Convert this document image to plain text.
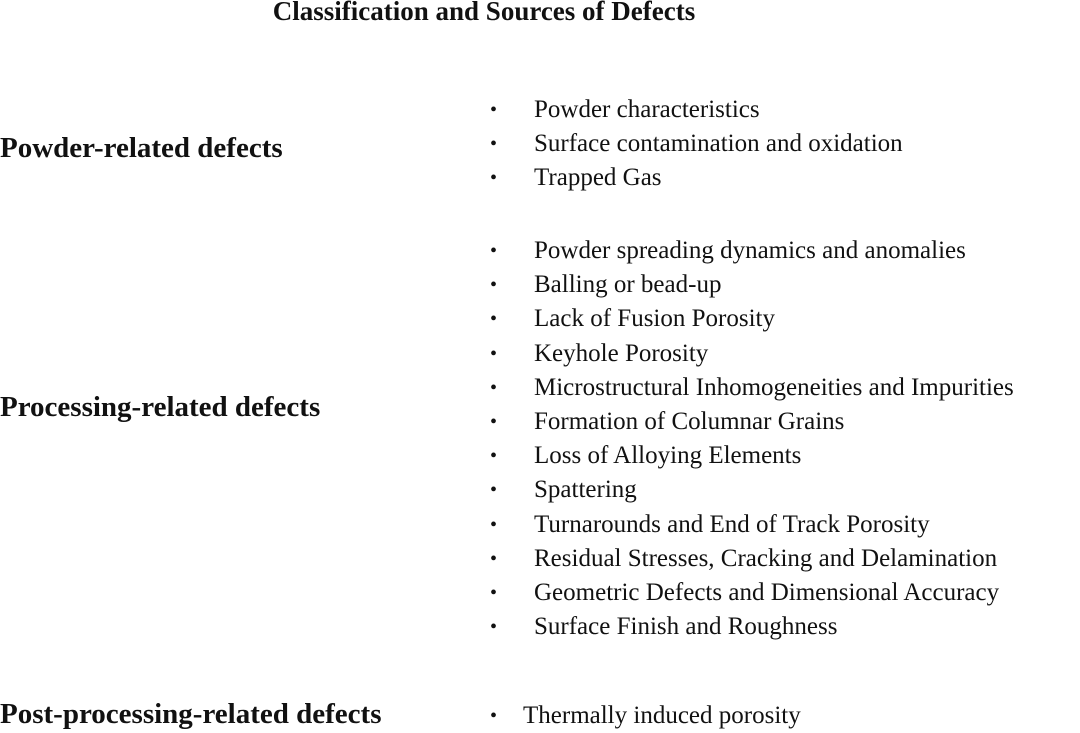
Classification and Sources of Defects
Powder-related defects
• Powder characteristics
• Surface contamination and oxidation
• Trapped Gas
Processing-related defects
• Powder spreading dynamics and anomalies
• Balling or bead-up
• Lack of Fusion Porosity
• Keyhole Porosity
• Microstructural Inhomogeneities and Impurities
• Formation of Columnar Grains
• Loss of Alloying Elements
• Spattering
• Turnarounds and End of Track Porosity
• Residual Stresses, Cracking and Delamination
• Geometric Defects and Dimensional Accuracy
• Surface Finish and Roughness
Post-processing-related defects	• Thermally induced porosity
